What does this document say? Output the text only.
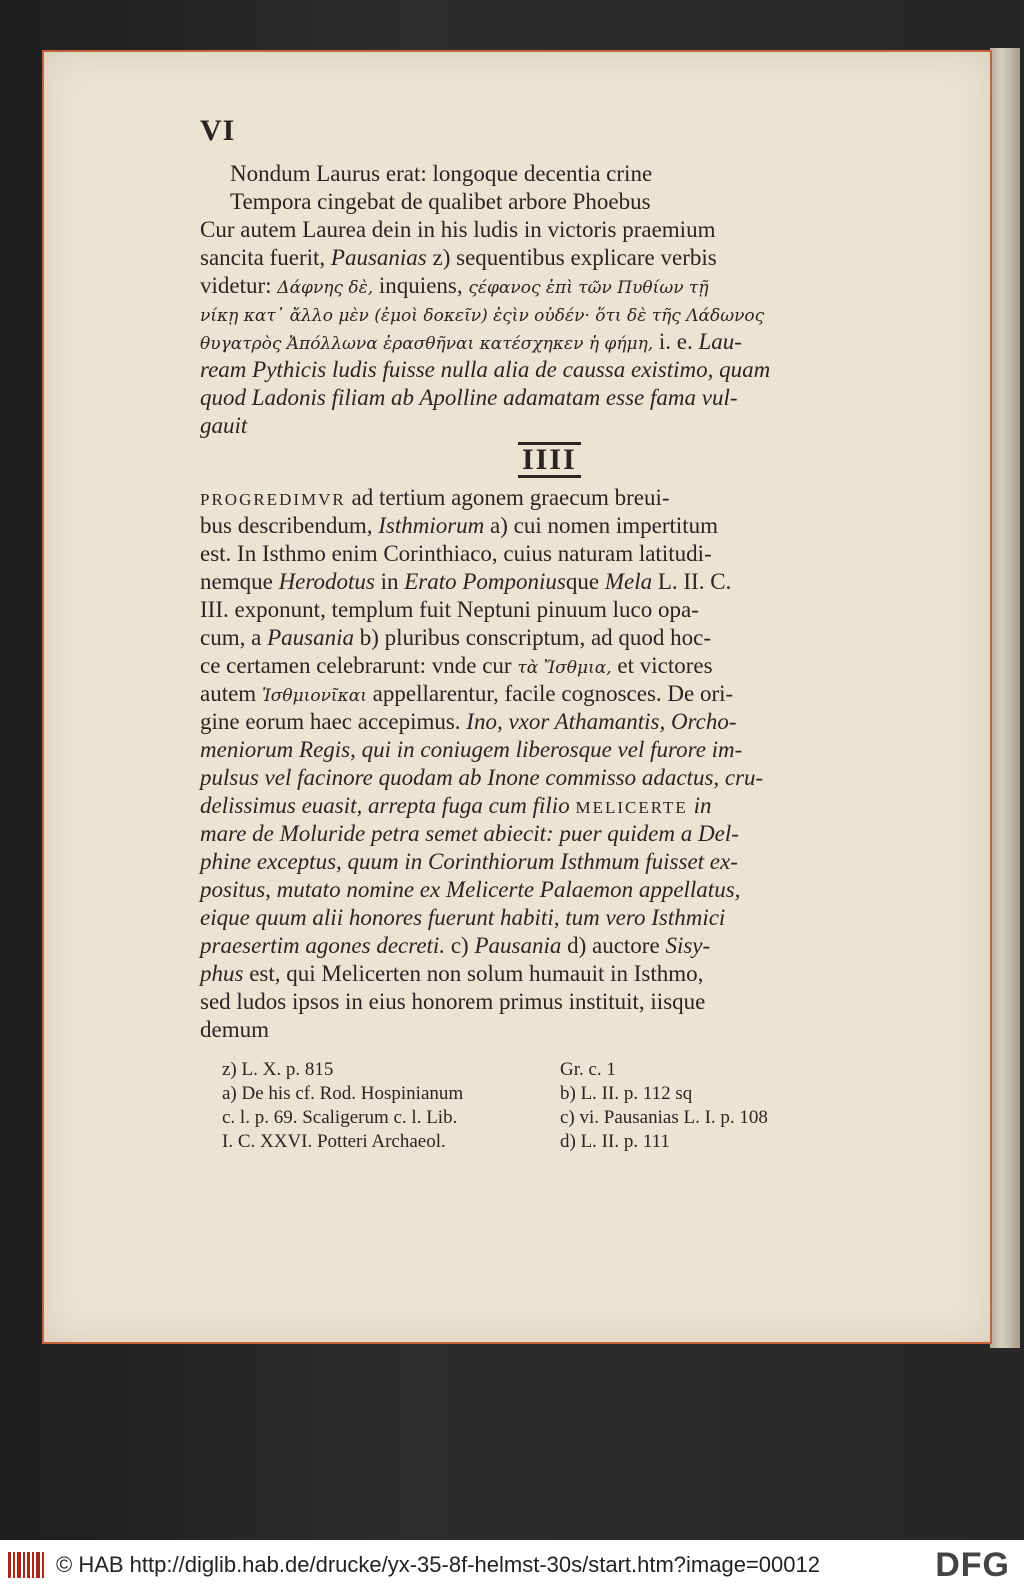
VI
Nondum Laurus erat: longoque decentia crine
Tempora cingebat de qualibet arbore Phoebus
Cur autem Laurea dein in his ludis in victoris praemium
sancita fuerit, Pausanias z) sequentibus explicare verbis
videtur: Δάφνης δὲ, inquiens, ςέφανος ἐπὶ τῶν Πυθίων τῇ
νίκῃ κατ᾽ ἄλλο μὲν (ἐμοὶ δοκεῖν) ἐςὶν οὐδέν· ὅτι δὲ τῆς Λάδωνος
θυγατρὸς Ἀπόλλωνα ἐρασθῆναι κατέσχηκεν ἡ φήμη, i. e. Lau-
ream Pythicis ludis fuisse nulla alia de caussa existimo, quam
quod Ladonis filiam ab Apolline adamatam esse fama vul-
gauit
IIII
PROGREDIMVR ad tertium agonem graecum breui-
bus describendum, Isthmiorum a) cui nomen impertitum
est. In Isthmo enim Corinthiaco, cuius naturam latitudi-
nemque Herodotus in Erato Pomponiusque Mela L. II. C.
III. exponunt, templum fuit Neptuni pinuum luco opa-
cum, a Pausania b) pluribus conscriptum, ad quod hoc-
ce certamen celebrarunt: vnde cur τὰ Ἴσθμια, et victores
autem Ἰσθμιονῖκαι appellarentur, facile cognosces. De ori-
gine eorum haec accepimus. Ino, vxor Athamantis, Orcho-
meniorum Regis, qui in coniugem liberosque vel furore im-
pulsus vel facinore quodam ab Inone commisso adactus, cru-
delissimus euasit, arrepta fuga cum filio MELICERTE in
mare de Moluride petra semet abiecit: puer quidem a Del-
phine exceptus, quum in Corinthiorum Isthmum fuisset ex-
positus, mutato nomine ex Melicerte Palaemon appellatus,
eique quum alii honores fuerunt habiti, tum vero Isthmici
praesertim agones decreti. c) Pausania d) auctore Sisy-
phus est, qui Melicerten non solum humauit in Isthmo,
sed ludos ipsos in eius honorem primus instituit, iisque
demum
z) L. X. p. 815
a) De his cf. Rod. Hospinianum
c. l. p. 69. Scaligerum c. l. Lib.
I. C. XXVI. Potteri Archaeol.
Gr. c. 1
b) L. II. p. 112 sq
c) vi. Pausanias L. I. p. 108
d) L. II. p. 111
© HAB http://diglib.hab.de/drucke/yx-35-8f-helmst-30s/start.htm?image=00012	DFG
